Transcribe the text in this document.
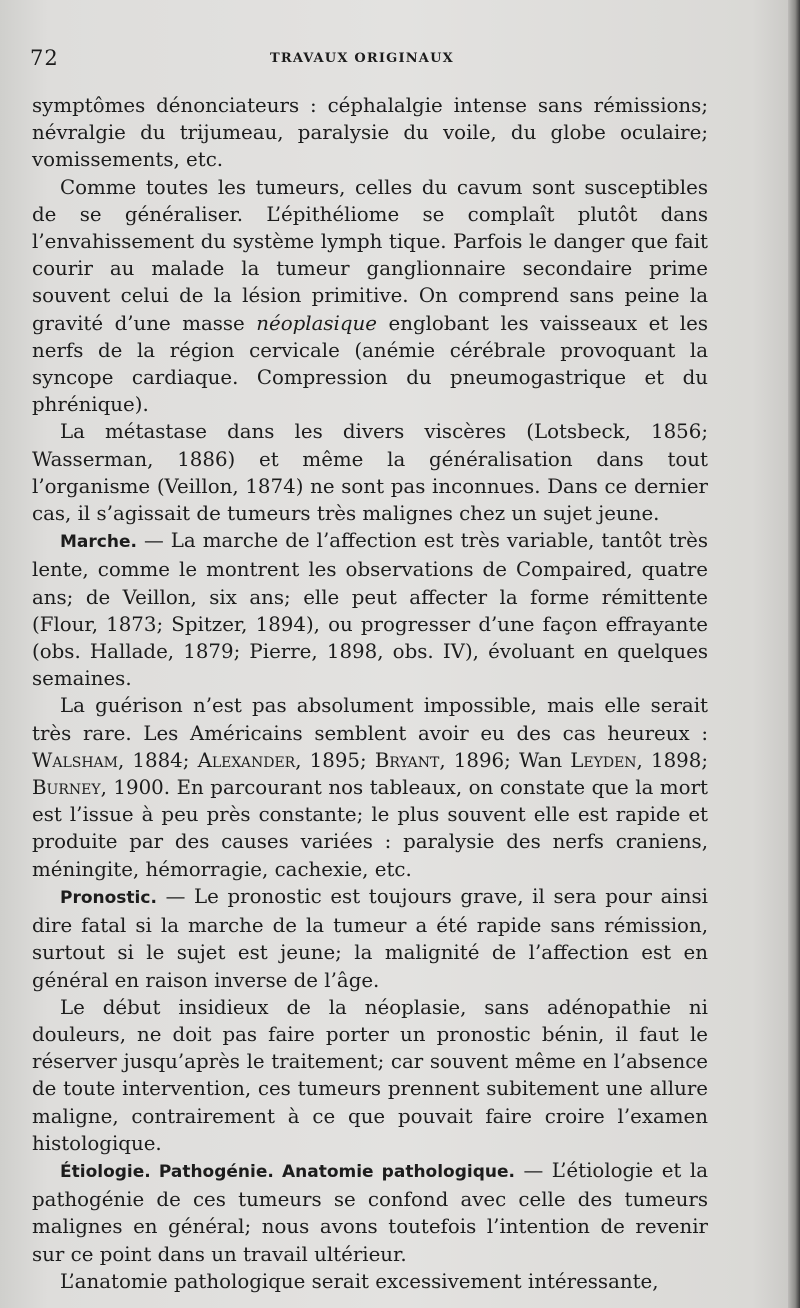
72	TRAVAUX ORIGINAUX

symptômes dénonciateurs : céphalalgie intense sans rémissions; névralgie du trijumeau, paralysie du voile, du globe oculaire; vomissements, etc.

Comme toutes les tumeurs, celles du cavum sont susceptibles de se généraliser. L’épithéliome se complaît plutôt dans l’envahissement du système lymph tique. Parfois le danger que fait courir au malade la tumeur ganglionnaire secondaire prime souvent celui de la lésion primitive. On comprend sans peine la gravité d’une masse néoplasique englobant les vaisseaux et les nerfs de la région cervicale (anémie cérébrale provoquant la syncope cardiaque. Compression du pneumogastrique et du phrénique).

La métastase dans les divers viscères (Lotsbeck, 1856; Wasserman, 1886) et même la généralisation dans tout l’organisme (Veillon, 1874) ne sont pas inconnues. Dans ce dernier cas, il s’agissait de tumeurs très malignes chez un sujet jeune.

Marche. — La marche de l’affection est très variable, tantôt très lente, comme le montrent les observations de Compaired, quatre ans; de Veillon, six ans; elle peut affecter la forme rémittente (Flour, 1873; Spitzer, 1894), ou progresser d’une façon effrayante (obs. Hallade, 1879; Pierre, 1898, obs. IV), évoluant en quelques semaines.

La guérison n’est pas absolument impossible, mais elle serait très rare. Les Américains semblent avoir eu des cas heureux : Walsham, 1884; Alexander, 1895; Bryant, 1896; Wan Leyden, 1898; Burney, 1900. En parcourant nos tableaux, on constate que la mort est l’issue à peu près constante; le plus souvent elle est rapide et produite par des causes variées : paralysie des nerfs craniens, méningite, hémorragie, cachexie, etc.

Pronostic. — Le pronostic est toujours grave, il sera pour ainsi dire fatal si la marche de la tumeur a été rapide sans rémission, surtout si le sujet est jeune; la malignité de l’affection est en général en raison inverse de l’âge.

Le début insidieux de la néoplasie, sans adénopathie ni douleurs, ne doit pas faire porter un pronostic bénin, il faut le réserver jusqu’après le traitement; car souvent même en l’absence de toute intervention, ces tumeurs prennent subitement une allure maligne, contrairement à ce que pouvait faire croire l’examen histologique.

Étiologie. Pathogénie. Anatomie pathologique. — L’étiologie et la pathogénie de ces tumeurs se confond avec celle des tumeurs malignes en général; nous avons toutefois l’intention de revenir sur ce point dans un travail ultérieur.

L’anatomie pathologique serait excessivement intéressante,
